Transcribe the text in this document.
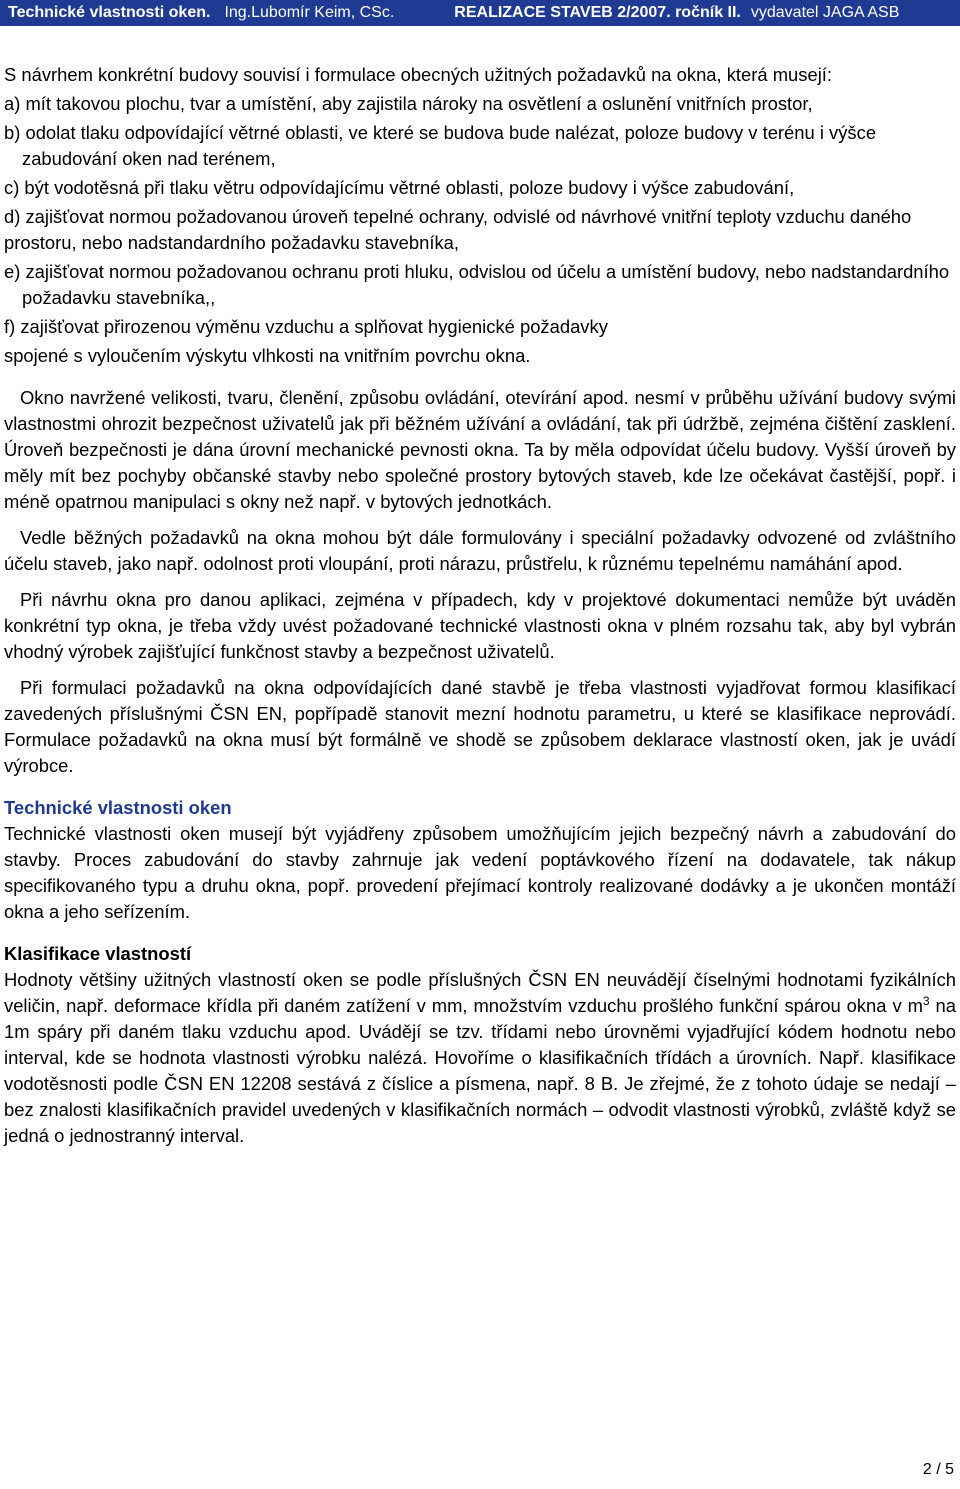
Technické vlastnosti oken. Ing.Lubomír Keim, CSc.	REALIZACE STAVEB 2/2007. ročník II. vydavatel JAGA ASB

S návrhem konkrétní budovy souvisí i formulace obecných užitných požadavků na okna, která musejí:

a) mít takovou plochu, tvar a umístění, aby zajistila nároky na osvětlení a oslunění vnitřních prostor,

b) odolat tlaku odpovídající větrné oblasti, ve které se budova bude nalézat, poloze budovy v terénu i výšce zabudování oken nad terénem,

c) být vodotěsná při tlaku větru odpovídajícímu větrné oblasti, poloze budovy i výšce zabudování,

d) zajišťovat normou požadovanou úroveň tepelné ochrany, odvislé od návrhové vnitřní teploty vzduchu daného prostoru, nebo nadstandardního požadavku stavebníka,

e) zajišťovat normou požadovanou ochranu proti hluku, odvislou od účelu a umístění budovy, nebo nadstandardního požadavku stavebníka,,

f) zajišťovat přirozenou výměnu vzduchu a splňovat hygienické požadavky

spojené s vyloučením výskytu vlhkosti na vnitřním povrchu okna.

Okno navržené velikosti, tvaru, členění, způsobu ovládání, otevírání apod. nesmí v průběhu užívání budovy svými vlastnostmi ohrozit bezpečnost uživatelů jak při běžném užívání a ovládání, tak při údržbě, zejména čištění zasklení. Úroveň bezpečnosti je dána úrovní mechanické pevnosti okna. Ta by měla odpovídat účelu budovy. Vyšší úroveň by měly mít bez pochyby občanské stavby nebo společné prostory bytových staveb, kde lze očekávat častější, popř. i méně opatrnou manipulaci s okny než např. v bytových jednotkách.

Vedle běžných požadavků na okna mohou být dále formulovány i speciální požadavky odvozené od zvláštního účelu staveb, jako např. odolnost proti vloupání, proti nárazu, průstřelu, k různému tepelnému namáhání apod.

Při návrhu okna pro danou aplikaci, zejména v případech, kdy v projektové dokumentaci nemůže být uváděn konkrétní typ okna, je třeba vždy uvést požadované technické vlastnosti okna v plném rozsahu tak, aby byl vybrán vhodný výrobek zajišťující funkčnost stavby a bezpečnost uživatelů.

Při formulaci požadavků na okna odpovídajících dané stavbě je třeba vlastnosti vyjadřovat formou klasifikací zavedených příslušnými ČSN EN, popřípadě stanovit mezní hodnotu parametru, u které se klasifikace neprovádí. Formulace požadavků na okna musí být formálně ve shodě se způsobem deklarace vlastností oken, jak je uvádí výrobce.

Technické vlastnosti oken

Technické vlastnosti oken musejí být vyjádřeny způsobem umožňujícím jejich bezpečný návrh a zabudování do stavby. Proces zabudování do stavby zahrnuje jak vedení poptávkového řízení na dodavatele, tak nákup specifikovaného typu a druhu okna, popř. provedení přejímací kontroly realizované dodávky a je ukončen montáží okna a jeho seřízením.

Klasifikace vlastností

Hodnoty většiny užitných vlastností oken se podle příslušných ČSN EN neuvádějí číselnými hodnotami fyzikálních veličin, např. deformace křídla při daném zatížení v mm, množstvím vzduchu prošlého funkční spárou okna v $m^3$ na 1m spáry při daném tlaku vzduchu apod. Uvádějí se tzv. třídami nebo úrovněmi vyjadřující kódem hodnotu nebo interval, kde se hodnota vlastnosti výrobku nalézá. Hovoříme o klasifikačních třídách a úrovních. Např. klasifikace vodotěsnosti podle ČSN EN 12208 sestává z číslice a písmena, např. 8 B. Je zřejmé, že z tohoto údaje se nedají – bez znalosti klasifikačních pravidel uvedených v klasifikačních normách – odvodit vlastnosti výrobků, zvláště když se jedná o jednostranný interval.

2 / 5
